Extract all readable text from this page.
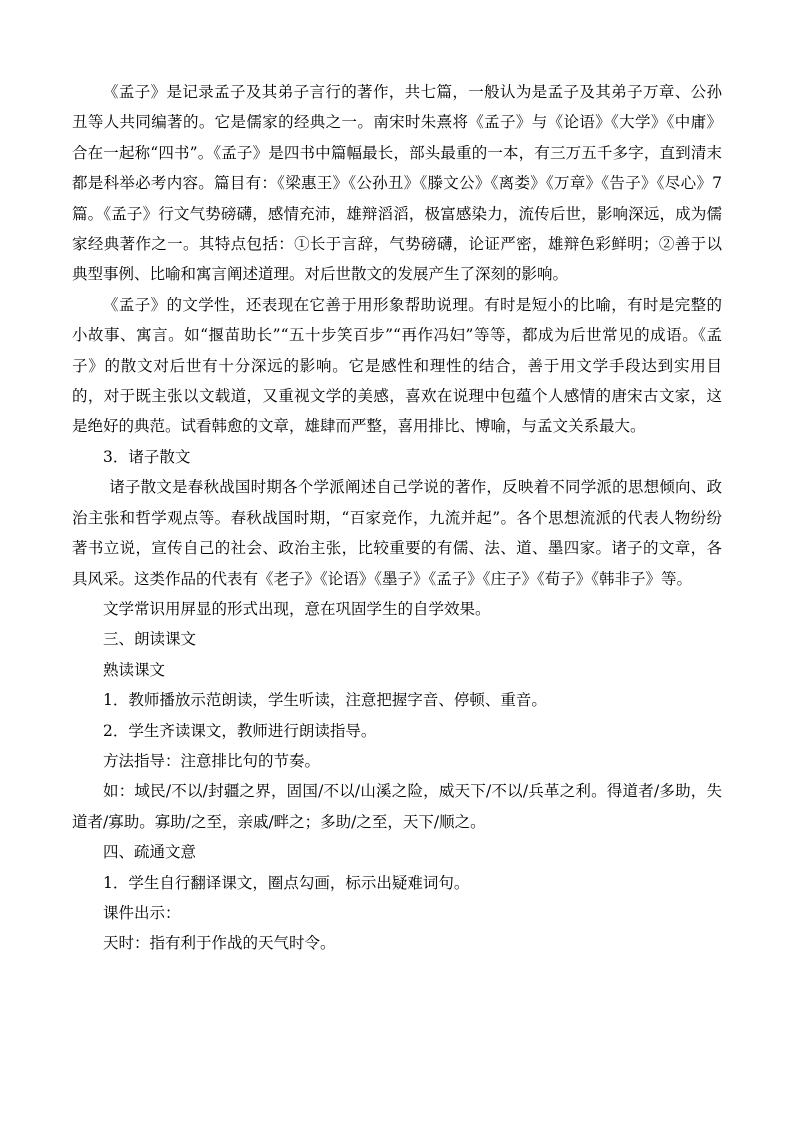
《孟子》是记录孟子及其弟子言行的著作，共七篇，一般认为是孟子及其弟子万章、公孙丑等人共同编著的。它是儒家的经典之一。南宋时朱熹将《孟子》与《论语》《大学》《中庸》合在一起称“四书”。《孟子》是四书中篇幅最长，部头最重的一本，有三万五千多字，直到清末都是科举必考内容。篇目有：《梁惠王》《公孙丑》《滕文公》《离娄》《万章》《告子》《尽心》7篇。《孟子》行文气势磅礴，感情充沛，雄辩滔滔，极富感染力，流传后世，影响深远，成为儒家经典著作之一。其特点包括：①长于言辞，气势磅礴，论证严密，雄辩色彩鲜明；②善于以典型事例、比喻和寓言阐述道理。对后世散文的发展产生了深刻的影响。

《孟子》的文学性，还表现在它善于用形象帮助说理。有时是短小的比喻，有时是完整的小故事、寓言。如“揠苗助长”“五十步笑百步”“再作冯妇”等等，都成为后世常见的成语。《孟子》的散文对后世有十分深远的影响。它是感性和理性的结合，善于用文学手段达到实用目的，对于既主张以文载道，又重视文学的美感，喜欢在说理中包蕴个人感情的唐宋古文家，这是绝好的典范。试看韩愈的文章，雄肆而严整，喜用排比、博喻，与孟文关系最大。

3．诸子散文

诸子散文是春秋战国时期各个学派阐述自己学说的著作，反映着不同学派的思想倾向、政治主张和哲学观点等。春秋战国时期，“百家竞作，九流并起”。各个思想流派的代表人物纷纷著书立说，宣传自己的社会、政治主张，比较重要的有儒、法、道、墨四家。诸子的文章，各具风采。这类作品的代表有《老子》《论语》《墨子》《孟子》《庄子》《荀子》《韩非子》等。

文学常识用屏显的形式出现，意在巩固学生的自学效果。

三、朗读课文

熟读课文

1．教师播放示范朗读，学生听读，注意把握字音、停顿、重音。

2．学生齐读课文，教师进行朗读指导。

方法指导：注意排比句的节奏。

如：域民/不以/封疆之界，固国/不以/山溪之险，威天下/不以/兵革之利。得道者/多助，失道者/寡助。寡助/之至，亲戚/畔之；多助/之至，天下/顺之。

四、疏通文意

1．学生自行翻译课文，圈点勾画，标示出疑难词句。

课件出示：

天时：指有利于作战的天气时令。
